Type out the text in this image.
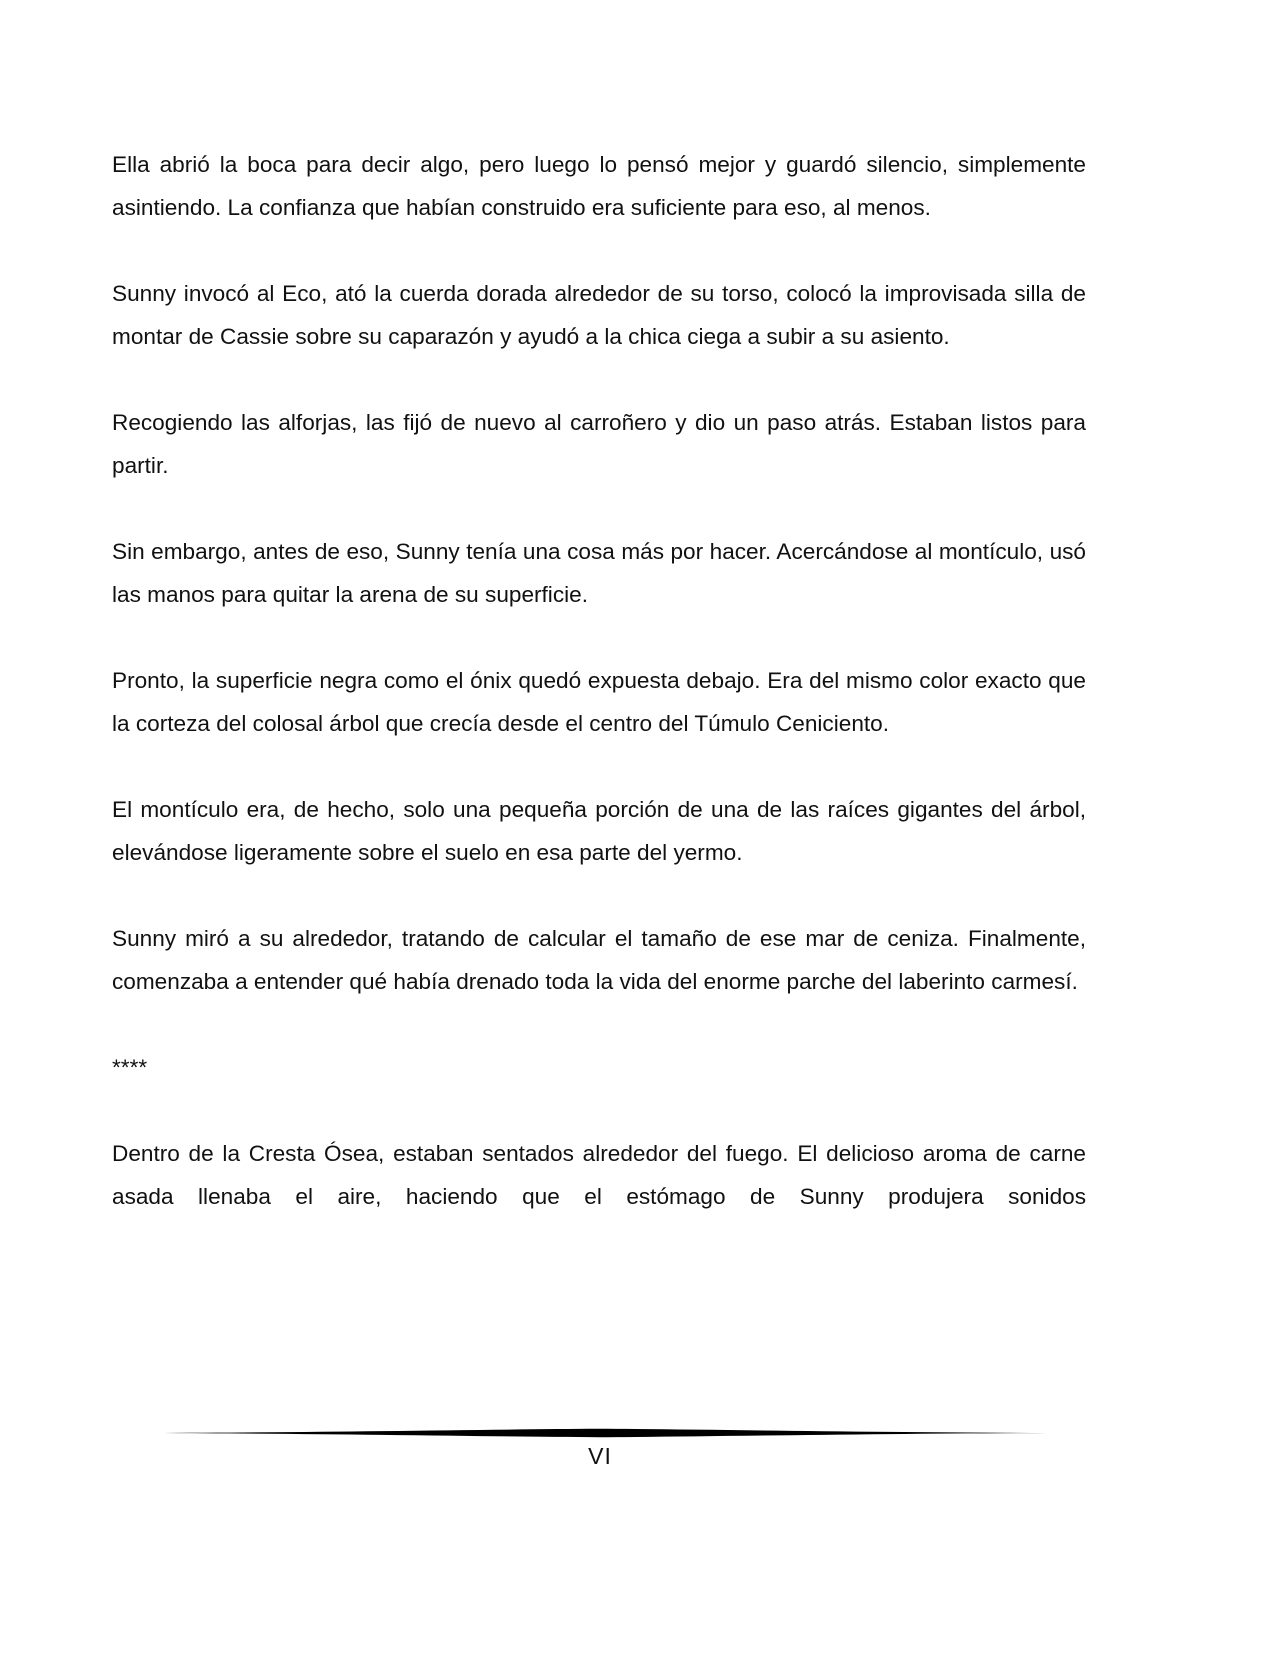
Ella abrió la boca para decir algo, pero luego lo pensó mejor y guardó silencio, simplemente asintiendo. La confianza que habían construido era suficiente para eso, al menos.

Sunny invocó al Eco, ató la cuerda dorada alrededor de su torso, colocó la improvisada silla de montar de Cassie sobre su caparazón y ayudó a la chica ciega a subir a su asiento.

Recogiendo las alforjas, las fijó de nuevo al carroñero y dio un paso atrás. Estaban listos para partir.

Sin embargo, antes de eso, Sunny tenía una cosa más por hacer. Acercándose al montículo, usó las manos para quitar la arena de su superficie.

Pronto, la superficie negra como el ónix quedó expuesta debajo. Era del mismo color exacto que la corteza del colosal árbol que crecía desde el centro del Túmulo Ceniciento.

El montículo era, de hecho, solo una pequeña porción de una de las raíces gigantes del árbol, elevándose ligeramente sobre el suelo en esa parte del yermo.

Sunny miró a su alrededor, tratando de calcular el tamaño de ese mar de ceniza. Finalmente, comenzaba a entender qué había drenado toda la vida del enorme parche del laberinto carmesí.

****

Dentro de la Cresta Ósea, estaban sentados alrededor del fuego. El delicioso aroma de carne asada llenaba el aire, haciendo que el estómago de Sunny produjera sonidos

VI
